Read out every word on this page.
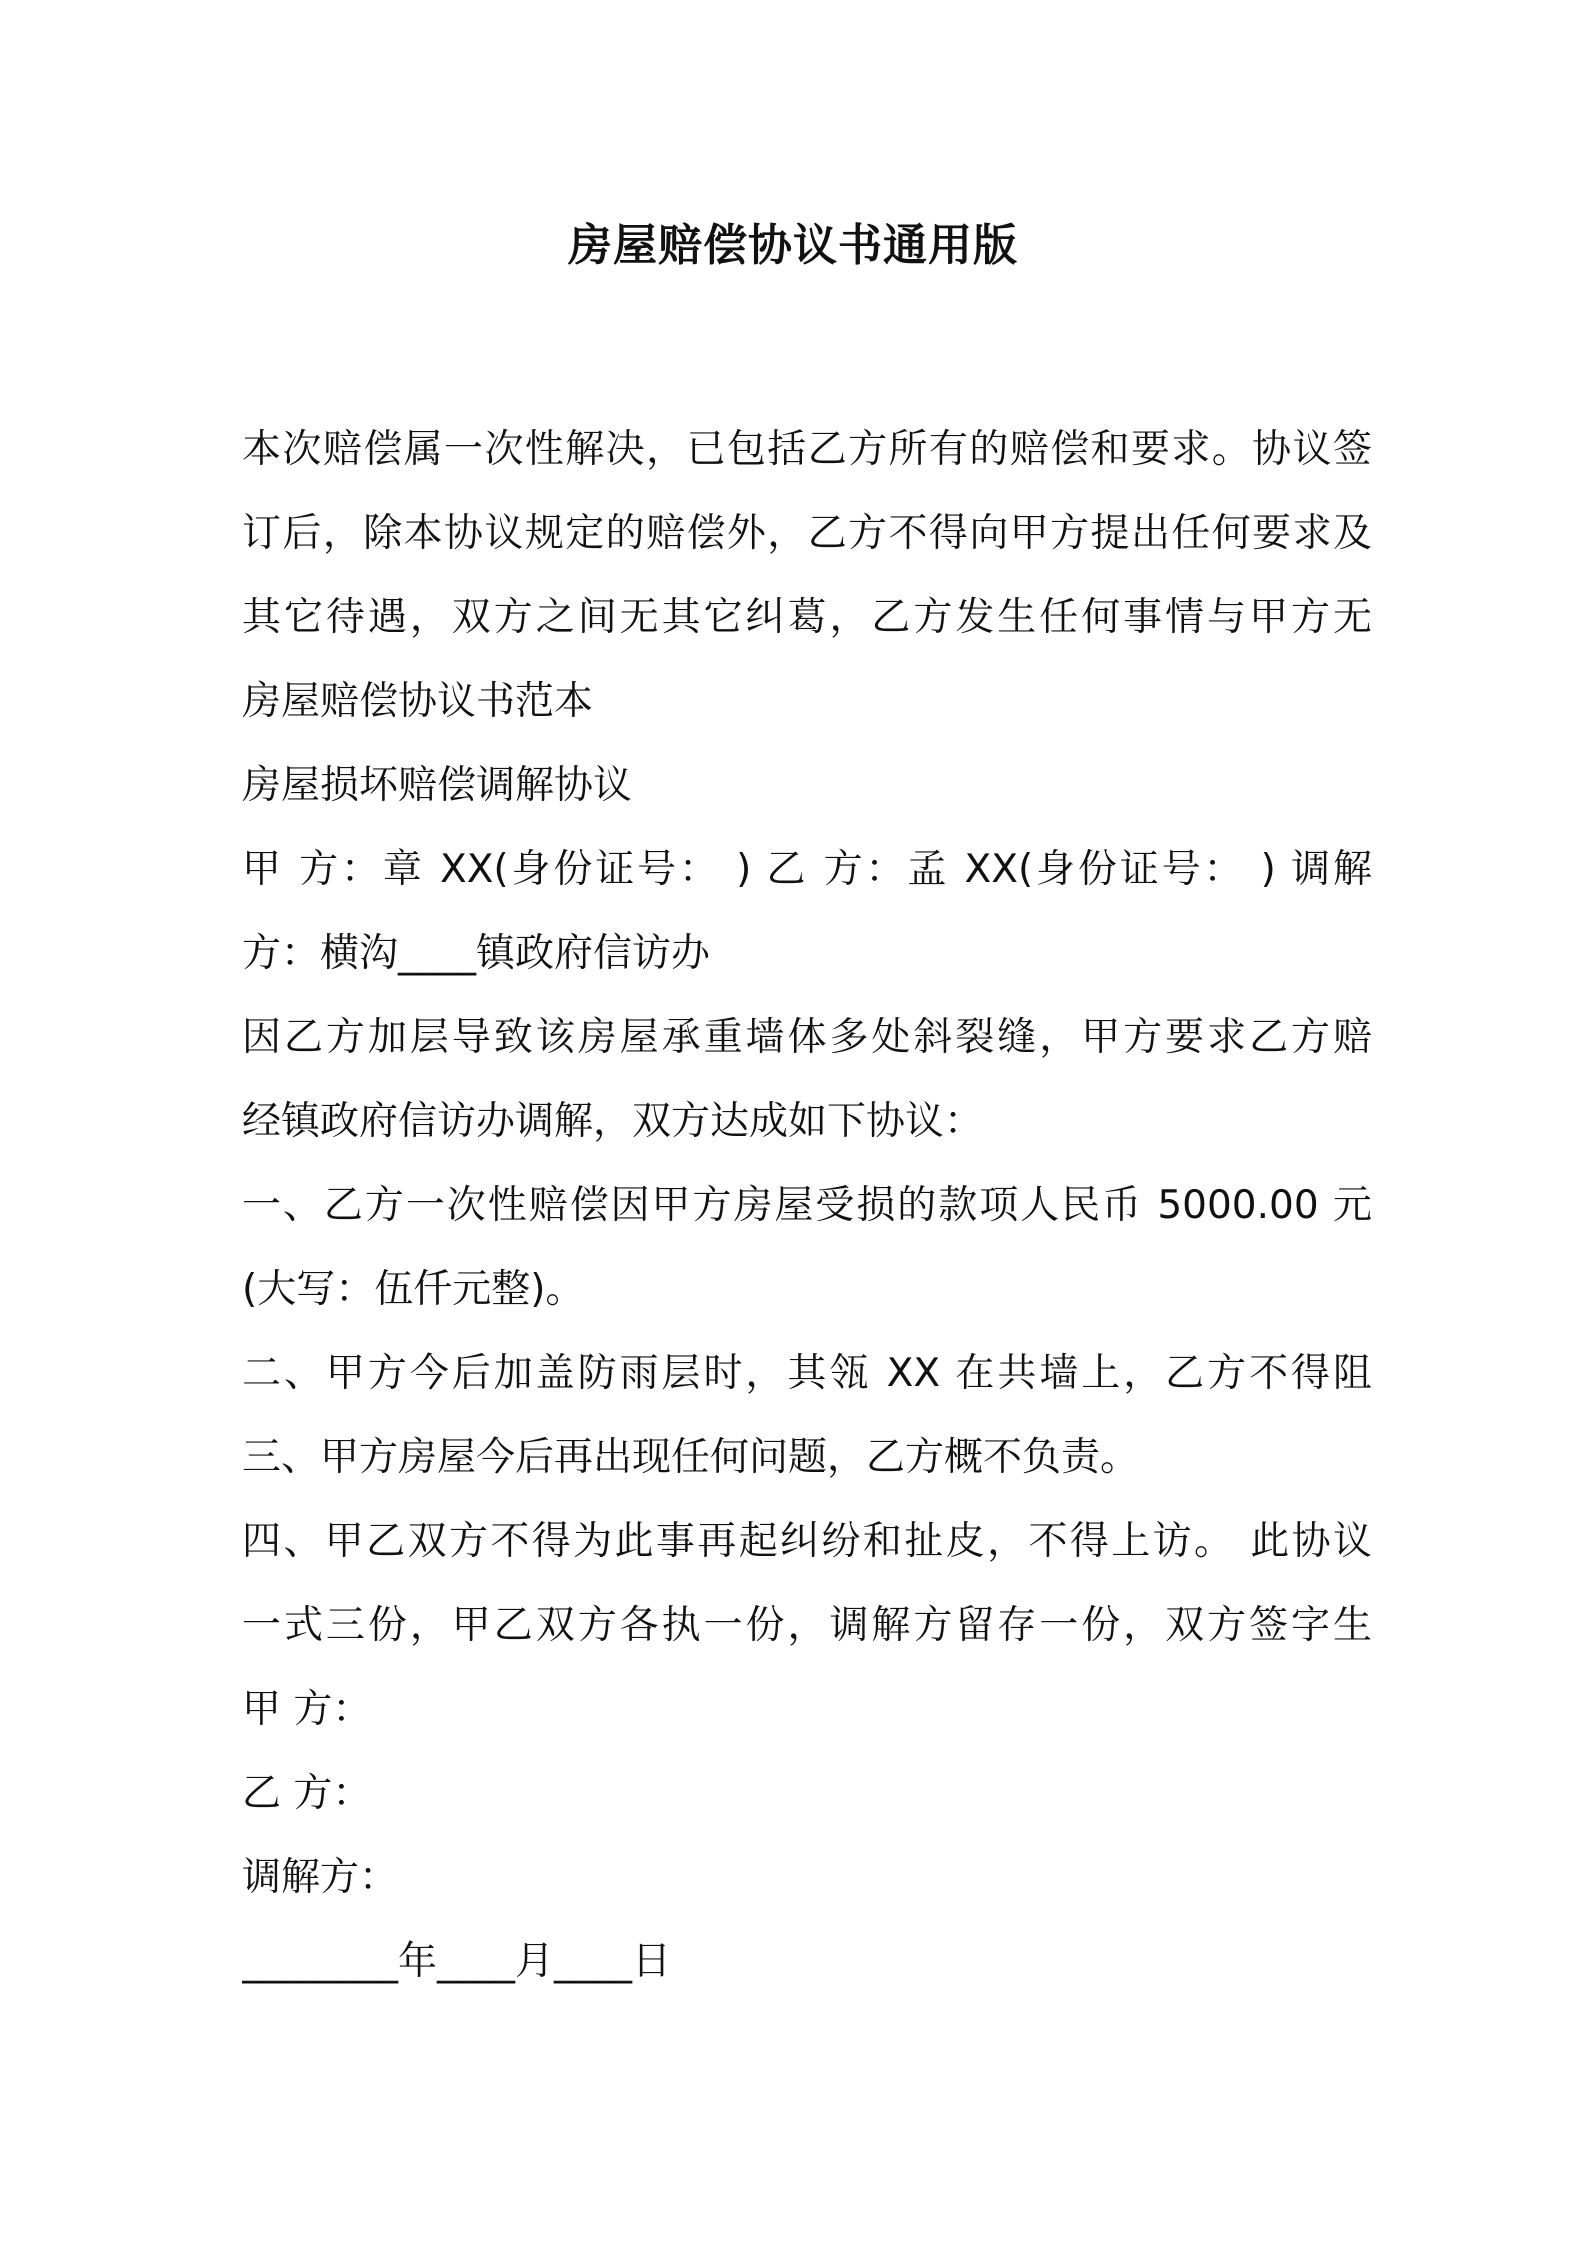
房屋赔偿协议书通用版
本次赔偿属一次性解决，已包括乙方所有的赔偿和要求。协议签
订后，除本协议规定的赔偿外，乙方不得向甲方提出任何要求及
其它待遇，双方之间无其它纠葛，乙方发生任何事情与甲方无
房屋赔偿协议书范本
房屋损坏赔偿调解协议
甲 方：章 XX(身份证号： ) 乙 方：孟 XX(身份证号： ) 调解
方：横沟____镇政府信访办
因乙方加层导致该房屋承重墙体多处斜裂缝，甲方要求乙方赔
经镇政府信访办调解，双方达成如下协议：
一、乙方一次性赔偿因甲方房屋受损的款项人民币 5000.00 元
(大写：伍仟元整)。
二、甲方今后加盖防雨层时，其瓴 XX 在共墙上，乙方不得阻
三、甲方房屋今后再出现任何问题，乙方概不负责。
四、甲乙双方不得为此事再起纠纷和扯皮，不得上访。 此协议
一式三份，甲乙双方各执一份，调解方留存一份，双方签字生
甲 方：
乙 方：
调解方：
________年____月____日
